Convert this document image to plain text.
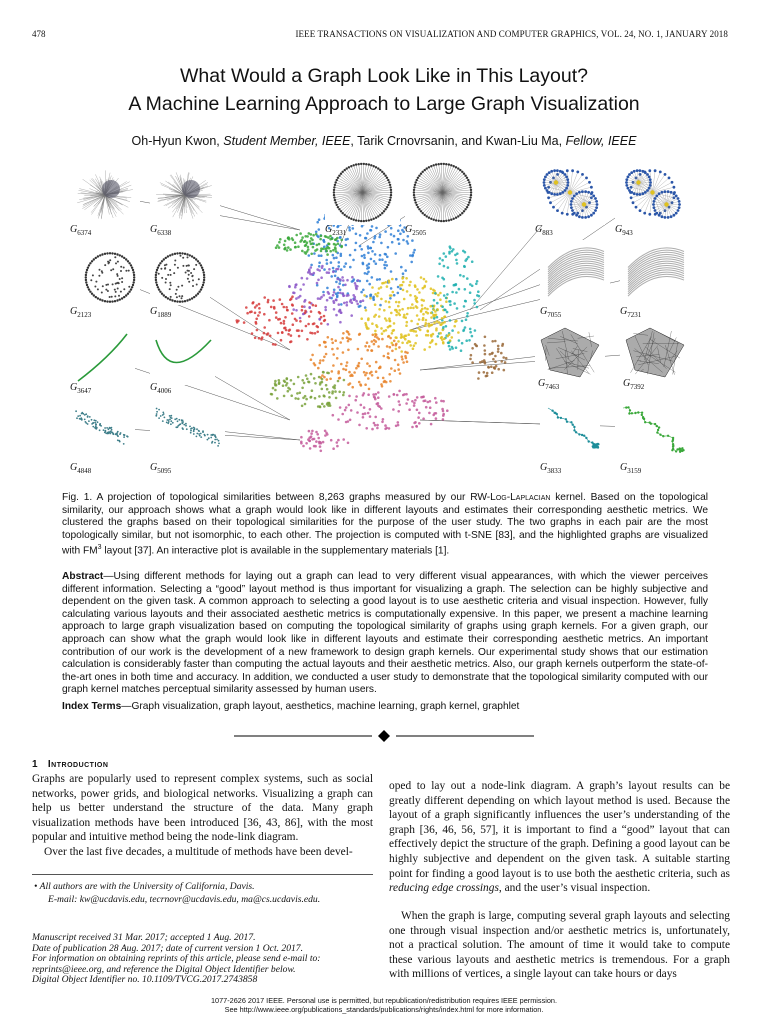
478	IEEE TRANSACTIONS ON VISUALIZATION AND COMPUTER GRAPHICS, VOL. 24, NO. 1, JANUARY 2018
What Would a Graph Look Like in This Layout?
A Machine Learning Approach to Large Graph Visualization
Oh-Hyun Kwon, Student Member, IEEE, Tarik Crnovrsanin, and Kwan-Liu Ma, Fellow, IEEE
$G_{6374}$	$G_{6338}$	$G_{2331}$	$G_{2505}$	$G_{883}$	$G_{943}$
$G_{2123}$	$G_{1889}$	$G_{7055}$	$G_{7231}$
$G_{3647}$	$G_{4006}$
$G_{7463}$	$G_{7392}$
$G_{4848}$	$G_{5095}$	$G_{3833}$	$G_{3159}$
Fig. 1. A projection of topological similarities between 8,263 graphs measured by our RW-Log-Laplacian kernel. Based on the topological similarity, our approach shows what a graph would look like in different layouts and estimates their corresponding aesthetic metrics. We clustered the graphs based on their topological similarities for the purpose of the user study. The two graphs in each pair are the most topologically similar, but not isomorphic, to each other. The projection is computed with t-SNE [83], and the highlighted graphs are visualized with $FM^3$ layout [37]. An interactive plot is available in the supplementary materials [1].
Abstract—Using different methods for laying out a graph can lead to very different visual appearances, with which the viewer perceives different information. Selecting a “good” layout method is thus important for visualizing a graph. The selection can be highly subjective and dependent on the given task. A common approach to selecting a good layout is to use aesthetic criteria and visual inspection. However, fully calculating various layouts and their associated aesthetic metrics is computationally expensive. In this paper, we present a machine learning approach to large graph visualization based on computing the topological similarity of graphs using graph kernels. For a given graph, our approach can show what the graph would look like in different layouts and estimate their corresponding aesthetic metrics. An important contribution of our work is the development of a new framework to design graph kernels. Our experimental study shows that our estimation calculation is considerably faster than computing the actual layouts and their aesthetic metrics. Also, our graph kernels outperform the state-of-the-art ones in both time and accuracy. In addition, we conducted a user study to demonstrate that the topological similarity computed with our graph kernel matches perceptual similarity assessed by human users.
Index Terms—Graph visualization, graph layout, aesthetics, machine learning, graph kernel, graphlet
1 Introduction
Graphs are popularly used to represent complex systems, such as social networks, power grids, and biological networks. Visualizing a graph can help us better understand the structure of the data. Many graph visualization methods have been introduced [36, 43, 86], with the most popular and intuitive method being the node-link diagram.
Over the last five decades, a multitude of methods have been devel-
• All authors are with the University of California, Davis.
E-mail: kw@ucdavis.edu, tecrnovr@ucdavis.edu, ma@cs.ucdavis.edu.
Manuscript received 31 Mar. 2017; accepted 1 Aug. 2017.
Date of publication 28 Aug. 2017; date of current version 1 Oct. 2017.
For information on obtaining reprints of this article, please send e-mail to:
reprints@ieee.org, and reference the Digital Object Identifier below.
Digital Object Identifier no. 10.1109/TVCG.2017.2743858
oped to lay out a node-link diagram. A graph’s layout results can be greatly different depending on which layout method is used. Because the layout of a graph significantly influences the user’s understanding of the graph [36, 46, 56, 57], it is important to find a “good” layout that can effectively depict the structure of the graph. Defining a good layout can be highly subjective and dependent on the given task. A suitable starting point for finding a good layout is to use both the aesthetic criteria, such as reducing edge crossings, and the user’s visual inspection.
When the graph is large, computing several graph layouts and selecting one through visual inspection and/or aesthetic metrics is, unfortunately, not a practical solution. The amount of time it would take to compute these various layouts and aesthetic metrics is tremendous. For a graph with millions of vertices, a single layout can take hours or days
1077-2626 2017 IEEE. Personal use is permitted, but republication/redistribution requires IEEE permission.
See http://www.ieee.org/publications_standards/publications/rights/index.html for more information.
